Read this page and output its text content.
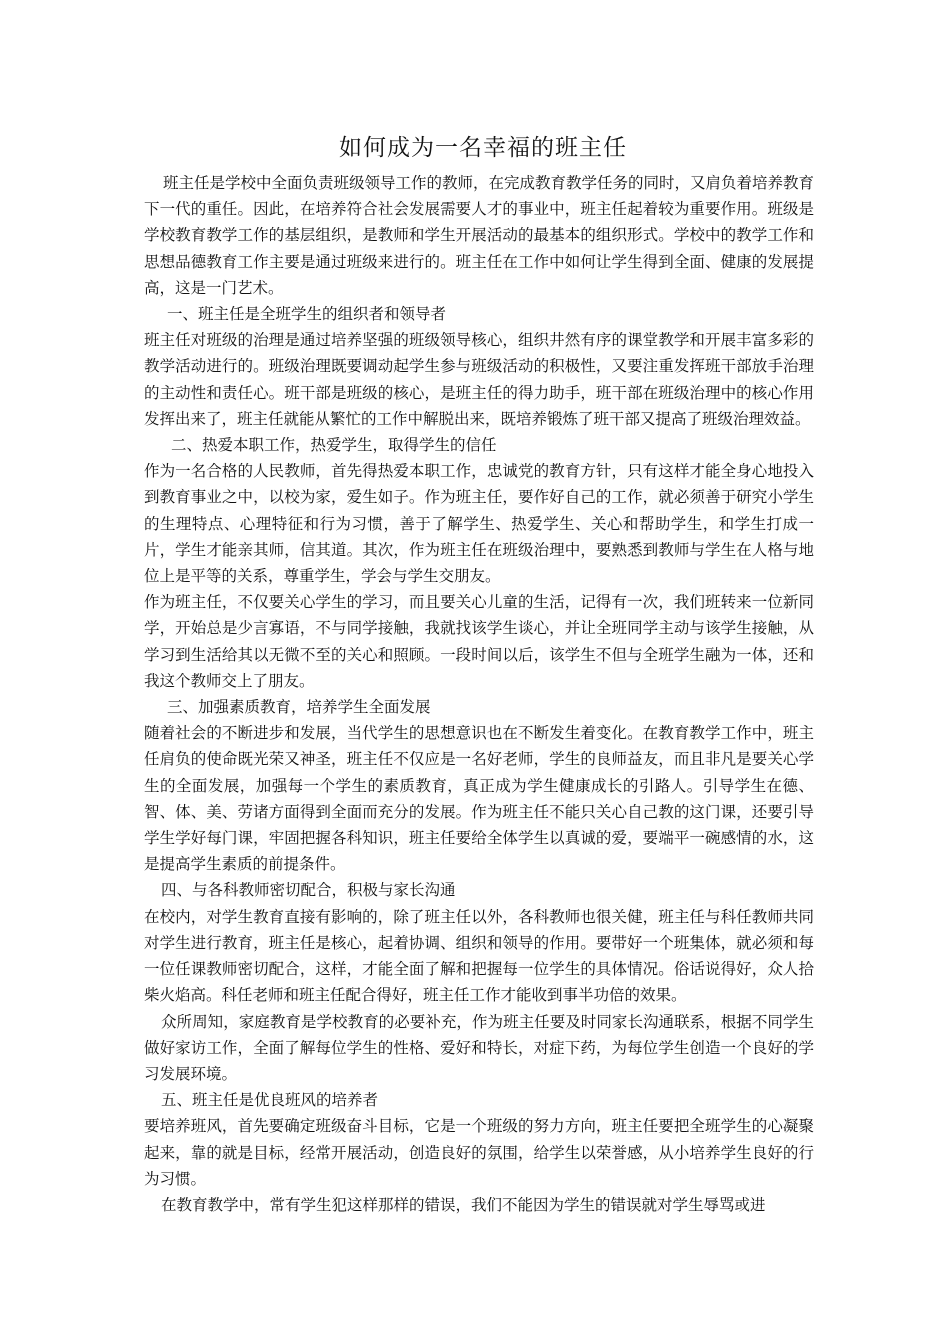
如何成为一名幸福的班主任

班主任是学校中全面负责班级领导工作的教师，在完成教育教学任务的同时，又肩负着培养教育下一代的重任。因此，在培养符合社会发展需要人才的事业中，班主任起着较为重要作用。班级是学校教育教学工作的基层组织，是教师和学生开展活动的最基本的组织形式。学校中的教学工作和思想品德教育工作主要是通过班级来进行的。班主任在工作中如何让学生得到全面、健康的发展提高，这是一门艺术。

一、班主任是全班学生的组织者和领导者

班主任对班级的治理是通过培养坚强的班级领导核心，组织井然有序的课堂教学和开展丰富多彩的教学活动进行的。班级治理既要调动起学生参与班级活动的积极性，又要注重发挥班干部放手治理的主动性和责任心。班干部是班级的核心，是班主任的得力助手，班干部在班级治理中的核心作用发挥出来了，班主任就能从繁忙的工作中解脱出来，既培养锻炼了班干部又提高了班级治理效益。

二、热爱本职工作，热爱学生，取得学生的信任

作为一名合格的人民教师，首先得热爱本职工作，忠诚党的教育方针，只有这样才能全身心地投入到教育事业之中，以校为家，爱生如子。作为班主任，要作好自己的工作，就必须善于研究小学生的生理特点、心理特征和行为习惯，善于了解学生、热爱学生、关心和帮助学生，和学生打成一片，学生才能亲其师，信其道。其次，作为班主任在班级治理中，要熟悉到教师与学生在人格与地位上是平等的关系，尊重学生，学会与学生交朋友。

作为班主任，不仅要关心学生的学习，而且要关心儿童的生活，记得有一次，我们班转来一位新同学，开始总是少言寡语，不与同学接触，我就找该学生谈心，并让全班同学主动与该学生接触，从学习到生活给其以无微不至的关心和照顾。一段时间以后，该学生不但与全班学生融为一体，还和我这个教师交上了朋友。

三、加强素质教育，培养学生全面发展

随着社会的不断进步和发展，当代学生的思想意识也在不断发生着变化。在教育教学工作中，班主任肩负的使命既光荣又神圣，班主任不仅应是一名好老师，学生的良师益友，而且非凡是要关心学生的全面发展，加强每一个学生的素质教育，真正成为学生健康成长的引路人。引导学生在德、智、体、美、劳诸方面得到全面而充分的发展。作为班主任不能只关心自己教的这门课，还要引导学生学好每门课，牢固把握各科知识，班主任要给全体学生以真诚的爱，要端平一碗感情的水，这是提高学生素质的前提条件。

四、与各科教师密切配合，积极与家长沟通

在校内，对学生教育直接有影响的，除了班主任以外，各科教师也很关健，班主任与科任教师共同对学生进行教育，班主任是核心，起着协调、组织和领导的作用。要带好一个班集体，就必须和每一位任课教师密切配合，这样，才能全面了解和把握每一位学生的具体情况。俗话说得好，众人拾柴火焰高。科任老师和班主任配合得好，班主任工作才能收到事半功倍的效果。

众所周知，家庭教育是学校教育的必要补充，作为班主任要及时同家长沟通联系，根据不同学生做好家访工作，全面了解每位学生的性格、爱好和特长，对症下药，为每位学生创造一个良好的学习发展环境。

五、班主任是优良班风的培养者

要培养班风，首先要确定班级奋斗目标，它是一个班级的努力方向，班主任要把全班学生的心凝聚起来，靠的就是目标，经常开展活动，创造良好的氛围，给学生以荣誉感，从小培养学生良好的行为习惯。

在教育教学中，常有学生犯这样那样的错误，我们不能因为学生的错误就对学生辱骂或进
